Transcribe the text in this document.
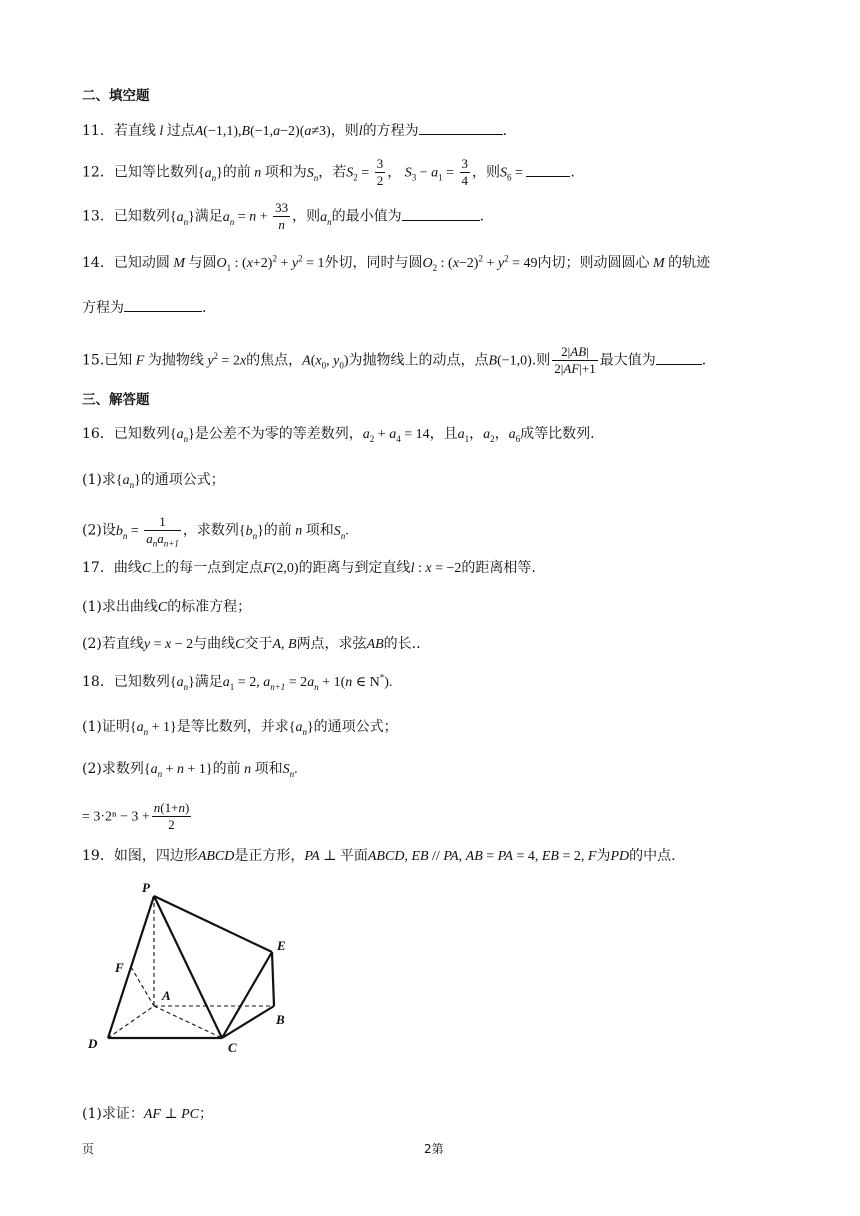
二、填空题
11．若直线 l 过点A(−1,1),B(−1,a−2)(a≠3)，则l的方程为	.
12．已知等比数列$\{a_n\}$的前 n 项和为$S_n$，若$S_2 = \frac{3}{2}$ ， $S_3 - a_1 = \frac{3}{4}$ ，则$S_6$ =	.
13．已知数列$\{a_n\}$满足$a_n = n + \frac{33}{n}$ ，则$a_n$的最小值为	.
14．已知动圆 M 与圆$O_1$ : $(x+2)^2 + y^2 = 1$外切，同时与圆$O_2$ : $(x-2)^2 + y^2 = 49$内切；则动圆圆心 M 的轨迹
方程为	.
15.已知 F 为抛物线 $y^2 = 2x$的焦点，$A(x_0$, $y_0$)为抛物线上的动点，点B(−1,0).则 $\frac{2|AB|}{2|AF|+1}$ 最大值为	.
三、解答题
16．已知数列$\{a_n\}$是公差不为零的等差数列，$a_2 + a_4 = 14$，且$a_1$，$a_2$，$a_6$成等比数列.
(1)求$\{a_n\}$的通项公式；
(2)设$b_n = \frac{1}{a_na_{n+1}}$ ，求数列$\{b_n\}$的前 n 项和$S_n$.
17．曲线C上的每一点到定点F(2,0)的距离与到定直线l : x = −2的距离相等.
(1)求出曲线C的标准方程；
(2)若直线y = x − 2与曲线C交于A, B两点，求弦AB的长..
18．已知数列$\{a_n\}$满足$a_1 = 2$, $a_{n+1} = 2a_n + 1(n$ ∈ N*).
(1)证明$\{a_n + 1\}$是等比数列，并求$\{a_n\}$的通项公式；
(2)求数列$\{a_n + n + 1\}$的前 n 项和$S_n$.
= $3\cdot 2^n - 3 + \frac{n(1+n)}{2}$
19．如图，四边形ABCD是正方形，PA ⊥ 平面ABCD, EB // PA, AB = PA = 4, EB = 2, F为PD的中点.
P
E
F
A
B
D	C
(1)求证：AF ⊥ PC；
页	2第
